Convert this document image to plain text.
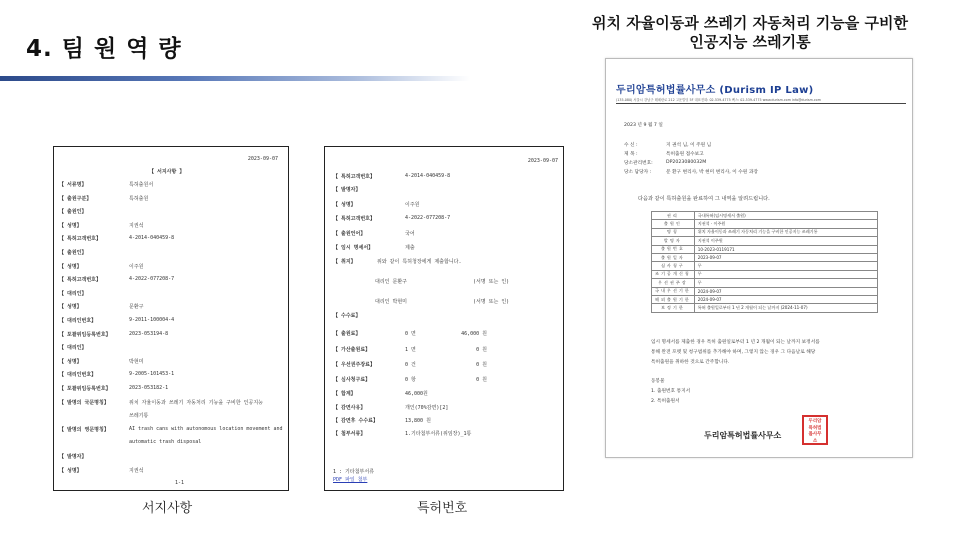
4. 팀 원 역 량
위치 자율이동과 쓰레기 자동처리 기능을 구비한
인공지능 쓰레기통
2023-09-07
【 서지사항 】
【 서류명】	특허출원서
【 출원구분】	특허출원
【 출원인】
【 성명】	지권석
【 특허고객번호】	4-2014-040459-8
【 출원인】
【 성명】	이주원
【 특허고객번호】	4-2022-077208-7
【 대리인】
【 성명】	문환구
【 대리인번호】	9-2011-100004-4
【 포괄위임등록번호】	2023-053194-8
【 대리인】
【 성명】	박현미
【 대리인번호】	9-2005-101453-1
【 포괄위임등록번호】	2023-053182-1
【 발명의 국문명칭】	위치 자율이동과 쓰레기 자동처리 기능을 구비한 인공지능
쓰레기통
【 발명의 영문명칭】	AI trash cans with autonomous location movement and
automatic trash disposal
【 발명자】
【 성명】	지권석
1-1
2023-09-07
【 특허고객번호】	4-2014-040459-8
【 발명자】
【 성명】	이주원
【 특허고객번호】	4-2022-077208-7
【 출원언어】	국어
【 임시 명세서】	제출
【 취지】	위와 같이 특허청장에게 제출합니다.
대리인 문환구	(서명 또는 인)
대리인 박현미	(서명 또는 인)
【 수수료】
【 출원료】	0 면	46,000 원
【 가산출원료】	1 면	0 원
【 우선권주장료】	0 건	0 원
【 심사청구료】	0 항	0 원
【 합계】	46,000원
【 감면사유】	개인(70%감면)[2]
【 감면후 수수료】	13,800 원
【 첨부서류】	1.기타첨부서류(위임장)_1통
1 : 기타첨부서류
PDF 파일 첨부
서지사항	특허번호
두리암특허법률사무소 (Durism IP Law)
(135-080) 서울시 강남구 테헤란로 212 고운빌딩 5F 대표전화: 02-539-4775 팩스: 02-539-4775 www.durism.com info@durism.com
2023 년 9 월 7 일
수 신 :	지 권석 님, 이 주원 님
제 목 :	특허출원 접수보고
당소관리번호:	DP2023080032M
당소 담당자 :	문 환구 변리사, 박 현미 변리사, 이 수원 과장
다음과 같이 특허출원을 완료하여 그 내역을 알려드립니다.
권리	국내특허(임시명세서 출원)
출원인	지권석 · 이주원
명칭	위치 자율이동과 쓰레기 자동처리 기능을 구비한 인공지능 쓰레기통
발명자	지권석 이주원
출원번호	10-2023-0119171
출원일자	2023-09-07
심사청구	무
조기공개신청	무
우선권주장	무
국내우선기한	2024-09-07
해외출원기한	2024-09-07
보정기한	특허 출원일로부터 1 년 2 개월이 되는 날까지 (2024-11-07)
임시 명세서를 제출한 경우 특허 출원일로부터 1 년 2 개월이 되는 날까지 보정서를
통해 완전 포맷 및 청구범위를 추가해야 하며, 그렇지 않는 경우 그 다음날로 해당
특허출원을 취하한 것으로 간주합니다.
동봉물
1. 출원번호 통지서
2. 특허출원서
두리암특허법률사무소
두리암
특허법
률사무
소
